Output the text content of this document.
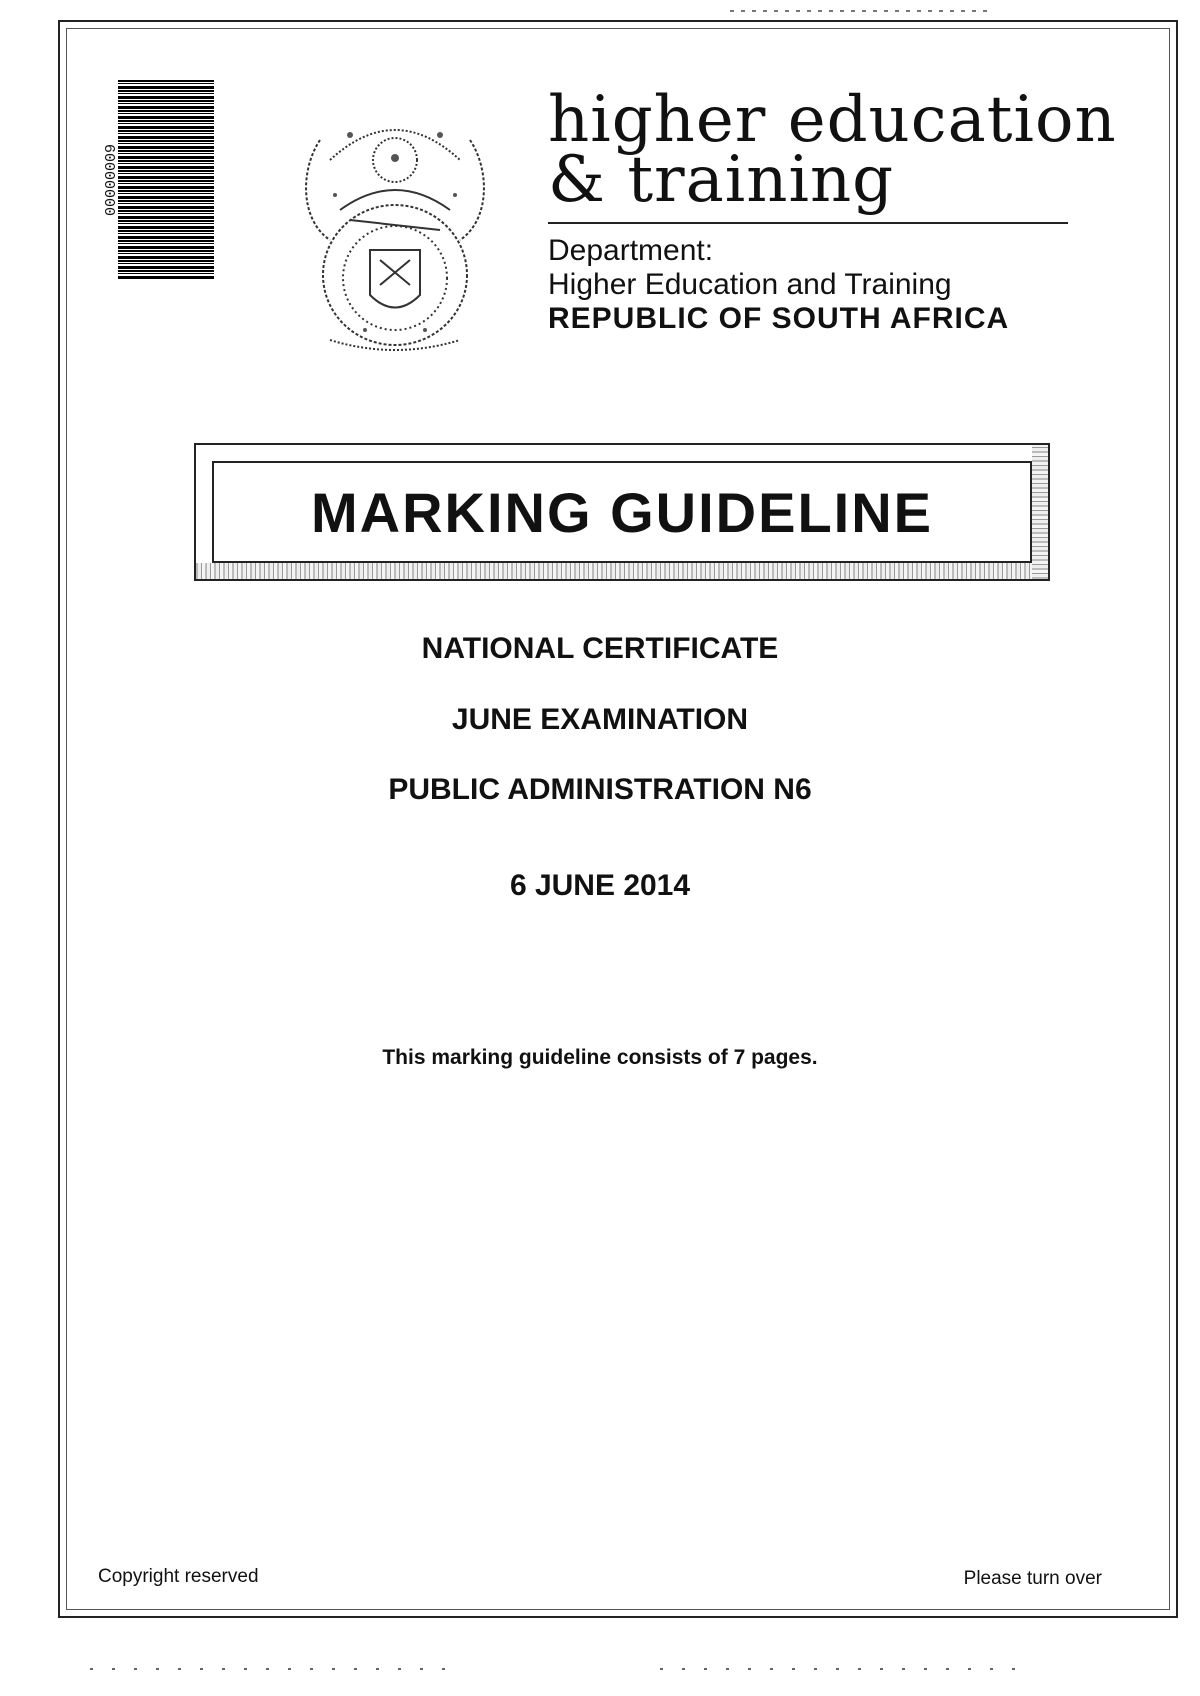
00000009
higher education
& training
Department:
Higher Education and Training
REPUBLIC OF SOUTH AFRICA
MARKING GUIDELINE
NATIONAL CERTIFICATE
JUNE EXAMINATION
PUBLIC ADMINISTRATION N6
6 JUNE 2014
This marking guideline consists of 7 pages.
Copyright reserved	Please turn over
